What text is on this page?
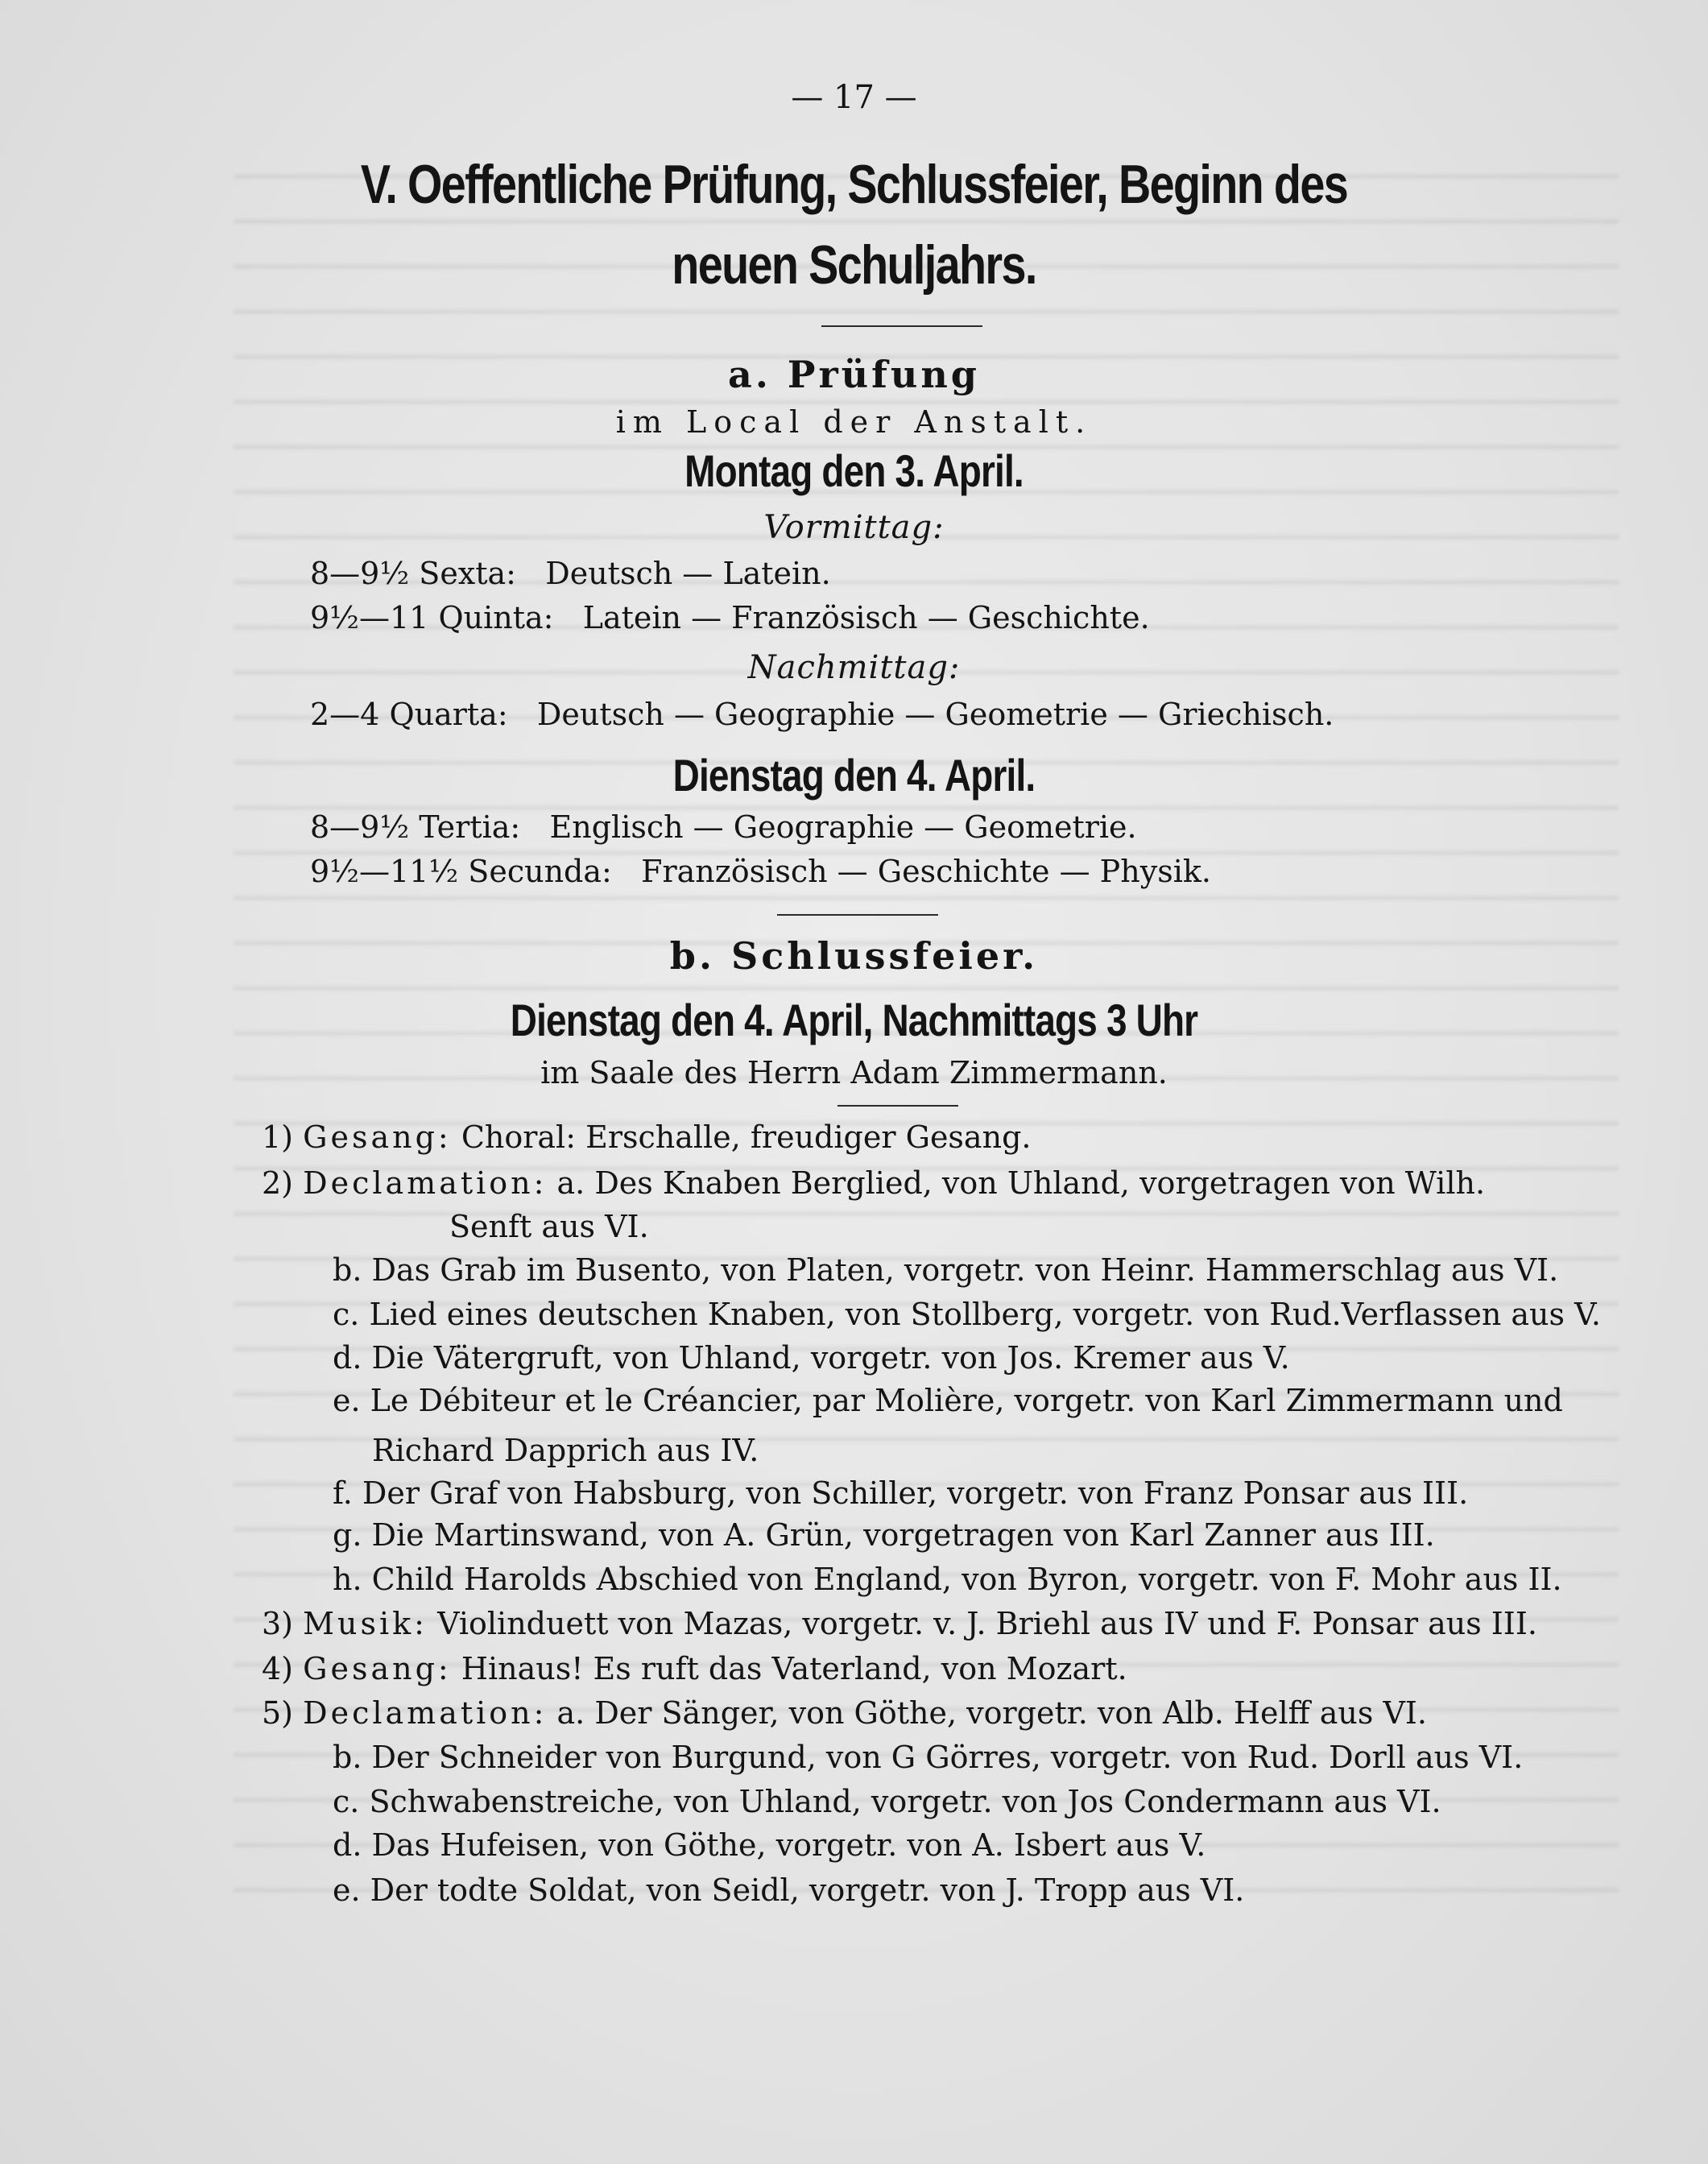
— 17 —
V. Oeffentliche Prüfung, Schlussfeier, Beginn des
neuen Schuljahrs.
a. Prüfung
im Local der Anstalt.
Montag den 3. April.
Vormittag:
8—9½ Sexta: Deutsch — Latein.
9½—11 Quinta: Latein — Französisch — Geschichte.
Nachmittag:
2—4 Quarta: Deutsch — Geographie — Geometrie — Griechisch.
Dienstag den 4. April.
8—9½ Tertia: Englisch — Geographie — Geometrie.
9½—11½ Secunda: Französisch — Geschichte — Physik.
b. Schlussfeier.
Dienstag den 4. April, Nachmittags 3 Uhr
im Saale des Herrn Adam Zimmermann.
1) Gesang: Choral: Erschalle, freudiger Gesang.
2) Declamation: a. Des Knaben Berglied, von Uhland, vorgetragen von Wilh.
Senft aus VI.
b. Das Grab im Busento, von Platen, vorgetr. von Heinr. Hammerschlag aus VI.
c. Lied eines deutschen Knaben, von Stollberg, vorgetr. von Rud.Verflassen aus V.
d. Die Vätergruft, von Uhland, vorgetr. von Jos. Kremer aus V.
e. Le Débiteur et le Créancier, par Molière, vorgetr. von Karl Zimmermann und
Richard Dapprich aus IV.
f. Der Graf von Habsburg, von Schiller, vorgetr. von Franz Ponsar aus III.
g. Die Martinswand, von A. Grün, vorgetragen von Karl Zanner aus III.
h. Child Harolds Abschied von England, von Byron, vorgetr. von F. Mohr aus II.
3) Musik: Violinduett von Mazas, vorgetr. v. J. Briehl aus IV und F. Ponsar aus III.
4) Gesang: Hinaus! Es ruft das Vaterland, von Mozart.
5) Declamation: a. Der Sänger, von Göthe, vorgetr. von Alb. Helff aus VI.
b. Der Schneider von Burgund, von G Görres, vorgetr. von Rud. Dorll aus VI.
c. Schwabenstreiche, von Uhland, vorgetr. von Jos Condermann aus VI.
d. Das Hufeisen, von Göthe, vorgetr. von A. Isbert aus V.
e. Der todte Soldat, von Seidl, vorgetr. von J. Tropp aus VI.
